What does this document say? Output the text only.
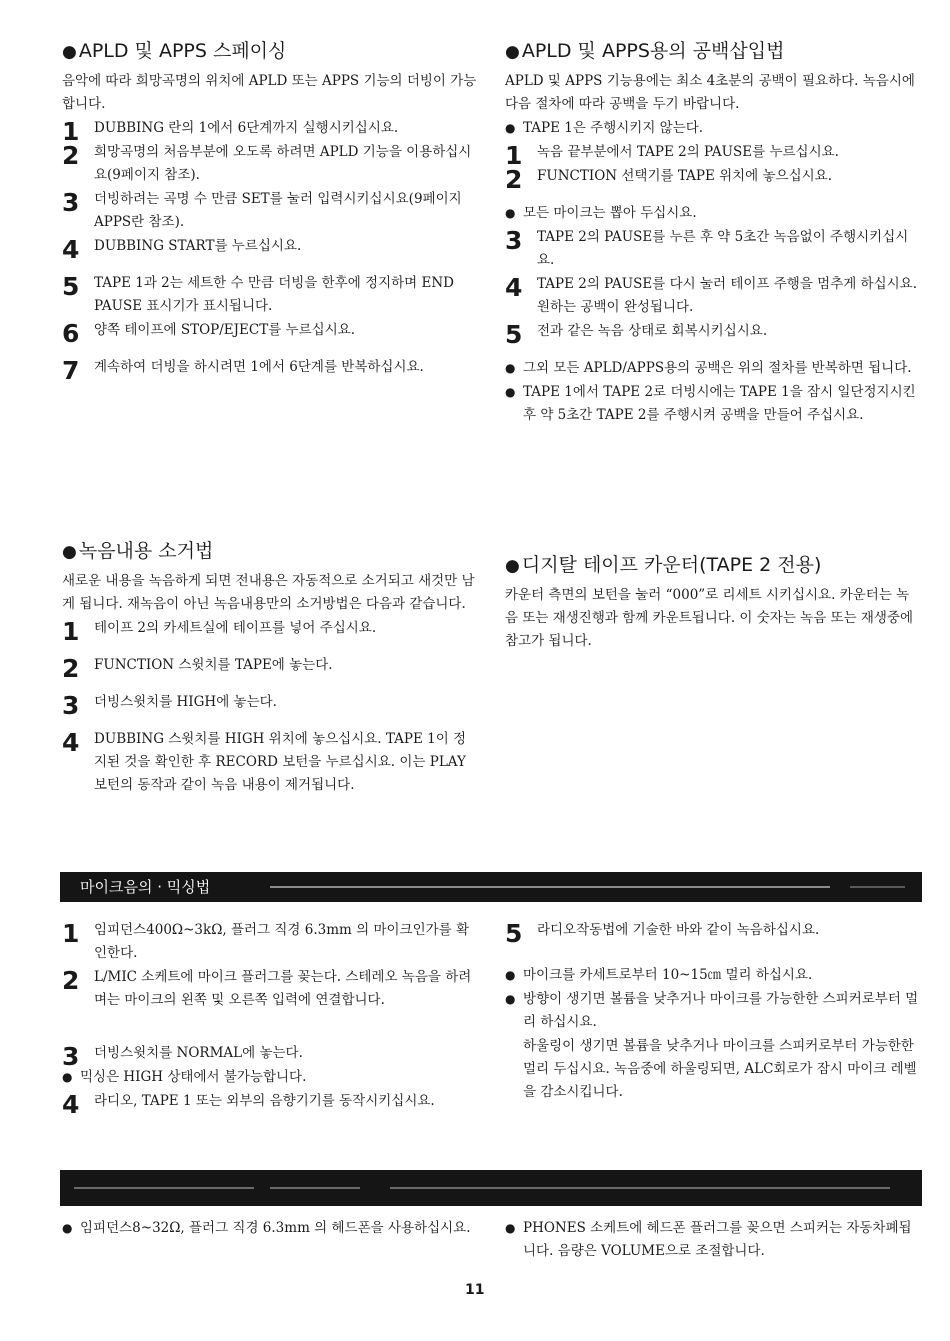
● APLD 및 APPS 스페이싱

음악에 따라 희망곡명의 위치에 APLD 또는 APPS 기능의 더빙이 가능합니다.

1 DUBBING 란의 1에서 6단계까지 실행시키십시요.
2 희망곡명의 처음부분에 오도록 하려면 APLD 기능을 이용하십시요(9페이지 참조).
3 더빙하려는 곡명 수 만큼 SET를 눌러 입력시키십시요(9페이지 APPS란 참조).
4 DUBBING START를 누르십시요.
5 TAPE 1과 2는 세트한 수 만큼 더빙을 한후에 정지하며 END PAUSE 표시기가 표시됩니다.
6 양쪽 테이프에 STOP/EJECT를 누르십시요.
7 계속하여 더빙을 하시려면 1에서 6단계를 반복하십시요.
● 녹음내용 소거법

새로운 내용을 녹음하게 되면 전내용은 자동적으로 소거되고 새것만 남게 됩니다. 재녹음이 아닌 녹음내용만의 소거방법은 다음과 같습니다.

1 테이프 2의 카세트실에 테이프를 넣어 주십시요.
2 FUNCTION 스윗치를 TAPE에 놓는다.
3 더빙스윗치를 HIGH에 놓는다.
4 DUBBING 스윗치를 HIGH 위치에 놓으십시요. TAPE 1이 정지된 것을 확인한 후 RECORD 보턴을 누르십시요. 이는 PLAY 보턴의 동작과 같이 녹음 내용이 제거됩니다.
● APLD 및 APPS용의 공백삽입법

APLD 및 APPS 기능용에는 최소 4초분의 공백이 필요하다. 녹음시에 다음 절차에 따라 공백을 두기 바랍니다.

● TAPE 1은 주행시키지 않는다.
1 녹음 끝부분에서 TAPE 2의 PAUSE를 누르십시요.
2 FUNCTION 선택기를 TAPE 위치에 놓으십시요.
● 모든 마이크는 뽑아 두십시요.
3 TAPE 2의 PAUSE를 누른 후 약 5초간 녹음없이 주행시키십시요.
4 TAPE 2의 PAUSE를 다시 눌러 테이프 주행을 멈추게 하십시요. 원하는 공백이 완성됩니다.
5 전과 같은 녹음 상태로 회복시키십시요.
● 그외 모든 APLD/APPS용의 공백은 위의 절차를 반복하면 됩니다.
● TAPE 1에서 TAPE 2로 더빙시에는 TAPE 1을 잠시 일단정지시킨 후 약 5초간 TAPE 2를 주행시켜 공백을 만들어 주십시요.
● 디지탈 테이프 카운터(TAPE 2 전용)

카운터 측면의 보턴을 눌러 “000”로 리세트 시키십시요. 카운터는 녹음 또는 재생진행과 함께 카운트됩니다. 이 숫자는 녹음 또는 재생중에 참고가 됩니다.

마이크음의 · 믹싱법
1 임피던스400Ω~3kΩ, 플러그 직경 6.3mm 의 마이크인가를 확인한다.
2 L/MIC 소케트에 마이크 플러그를 꽂는다. 스테레오 녹음을 하려며는 마이크의 왼쪽 및 오른쪽 입력에 연결합니다.
3 더빙스윗치를 NORMAL에 놓는다.
● 믹싱은 HIGH 상태에서 불가능합니다.
4 라디오, TAPE 1 또는 외부의 음향기기를 동작시키십시요.
5 라디오작동법에 기술한 바와 같이 녹음하십시요.
● 마이크를 카세트로부터 10~15㎝ 멀리 하십시요.
● 방향이 생기면 볼륨을 낮추거나 마이크를 가능한한 스피커로부터 멀리 하십시요.

하울링이 생기면 볼륨을 낮추거나 마이크를 스피커로부터 가능한한 멀리 두십시요. 녹음중에 하울링되면, ALC회로가 잠시 마이크 레벨을 감소시킵니다.

● 임피던스8~32Ω, 플러그 직경 6.3mm 의 헤드폰을 사용하십시요.	● PHONES 소케트에 헤드폰 플러그를 꽂으면 스피커는 자동차폐됩니다. 음량은 VOLUME으로 조절합니다.
11
